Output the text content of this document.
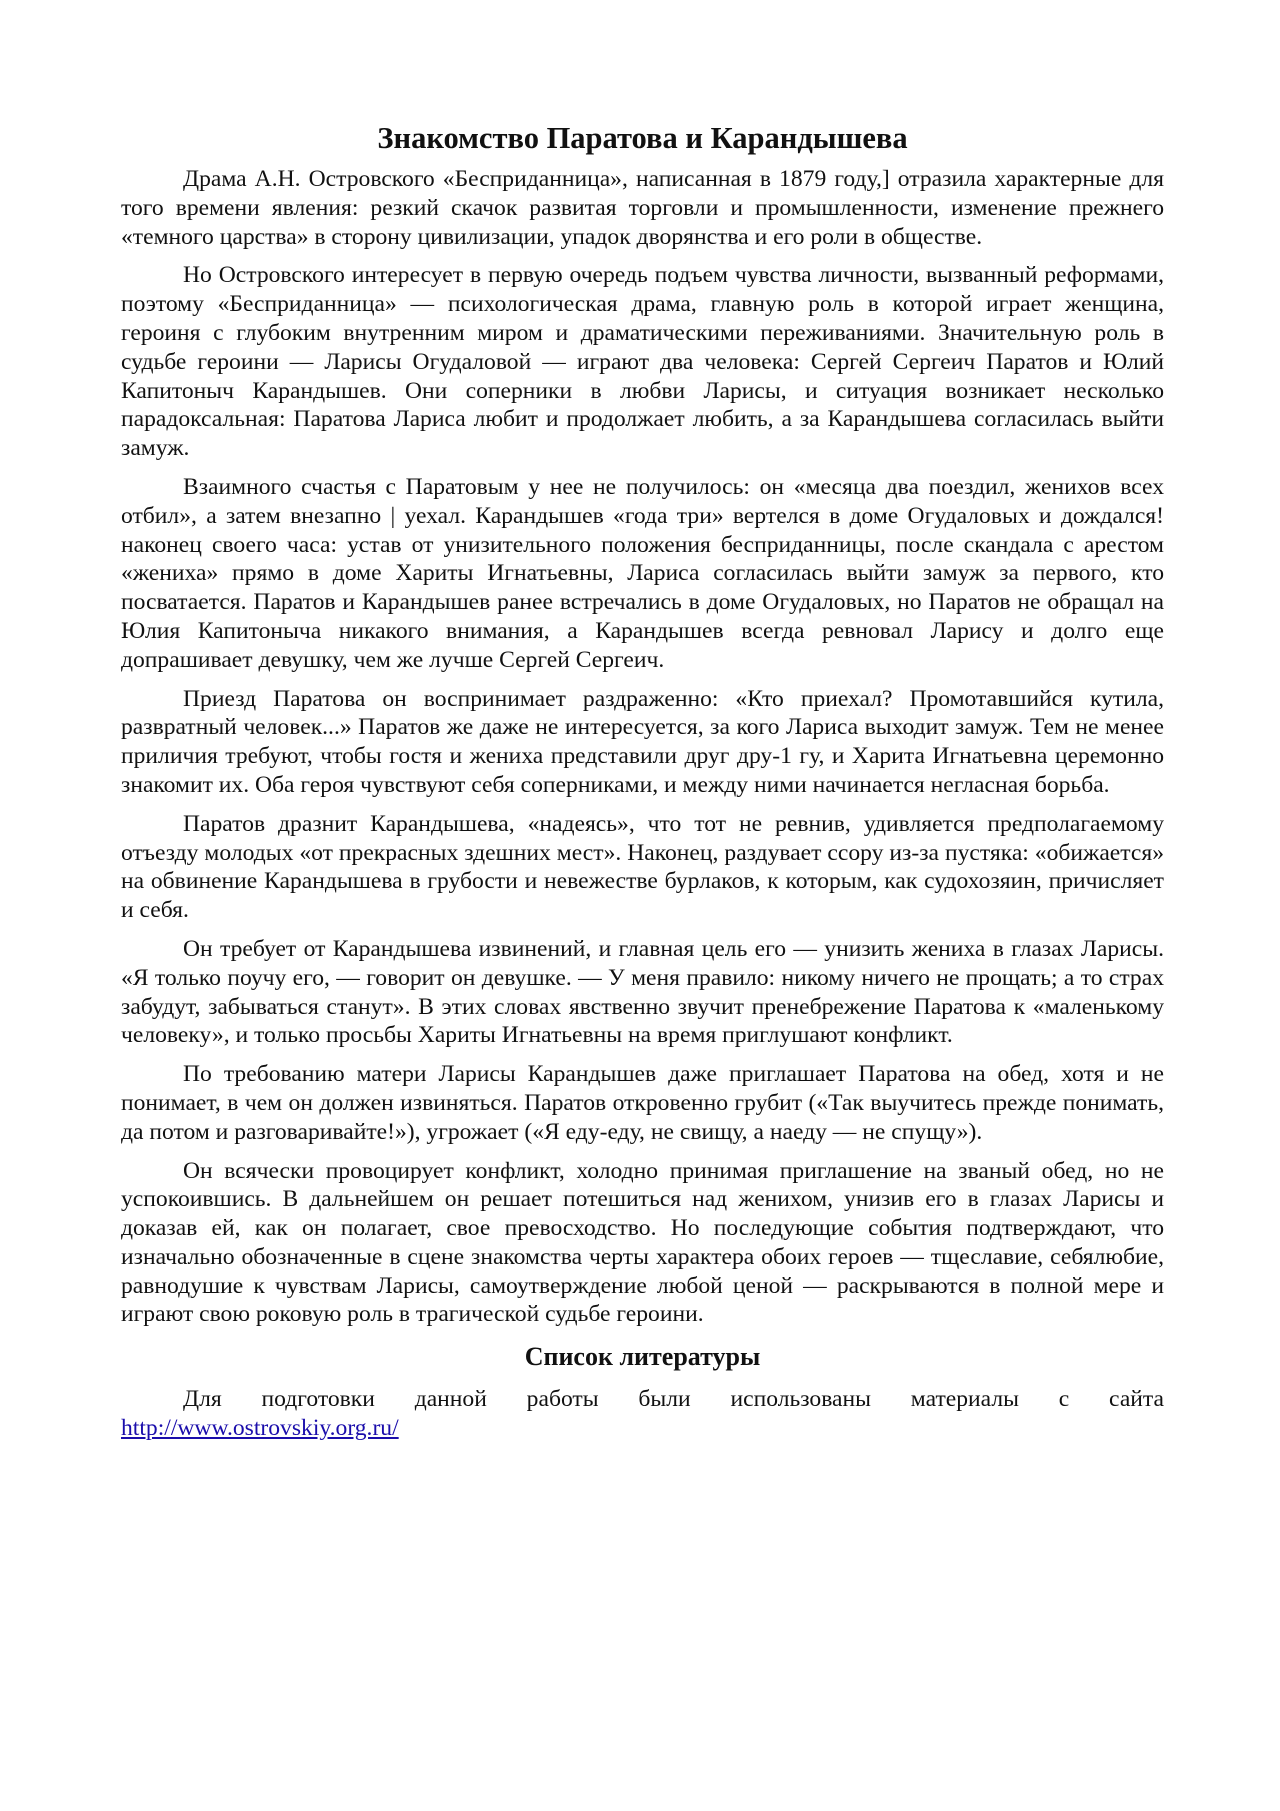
Знакомство Паратова и Карандышева

Драма А.Н. Островского «Бесприданница», написанная в 1879 году,] отразила характерные для того времени явления: резкий скачок развитая торговли и промышленности, изменение прежнего «темного царства» в сторону цивилизации, упадок дворянства и его роли в обществе.

Но Островского интересует в первую очередь подъем чувства личности, вызванный реформами, поэтому «Бесприданница» — психологическая драма, главную роль в которой играет женщина, героиня с глубоким внутренним миром и драматическими переживаниями. Значительную роль в судьбе героини — Ларисы Огудаловой — играют два человека: Сергей Сергеич Паратов и Юлий Капитоныч Карандышев. Они соперники в любви Ларисы, и ситуация возникает несколько парадоксальная: Паратова Лариса любит и продолжает любить, а за Карандышева согласилась выйти замуж.

Взаимного счастья с Паратовым у нее не получилось: он «месяца два поездил, женихов всех отбил», а затем внезапно | уехал. Карандышев «года три» вертелся в доме Огудаловых и дождался! наконец своего часа: устав от унизительного положения бесприданницы, после скандала с арестом «жениха» прямо в доме Хариты Игнатьевны, Лариса согласилась выйти замуж за первого, кто посватается. Паратов и Карандышев ранее встречались в доме Огудаловых, но Паратов не обращал на Юлия Капитоныча никакого внимания, а Карандышев всегда ревновал Ларису и долго еще допрашивает девушку, чем же лучше Сергей Сергеич.

Приезд Паратова он воспринимает раздраженно: «Кто приехал? Промотавшийся кутила, развратный человек...» Паратов же даже не интересуется, за кого Лариса выходит замуж. Тем не менее приличия требуют, чтобы гостя и жениха представили друг дру-1 гу, и Харита Игнатьевна церемонно знакомит их. Оба героя чувствуют себя соперниками, и между ними начинается негласная борьба.

Паратов дразнит Карандышева, «надеясь», что тот не ревнив, удивляется предполагаемому отъезду молодых «от прекрасных здешних мест». Наконец, раздувает ссору из-за пустяка: «обижается» на обвинение Карандышева в грубости и невежестве бурлаков, к которым, как судохозяин, причисляет и себя.

Он требует от Карандышева извинений, и главная цель его — унизить жениха в глазах Ларисы. «Я только поучу его, — говорит он девушке. — У меня правило: никому ничего не прощать; а то страх забудут, забываться станут». В этих словах явственно звучит пренебрежение Паратова к «маленькому человеку», и только просьбы Хариты Игнатьевны на время приглушают конфликт.

По требованию матери Ларисы Карандышев даже приглашает Паратова на обед, хотя и не понимает, в чем он должен извиняться. Паратов откровенно грубит («Так выучитесь прежде понимать, да потом и разговаривайте!»), угрожает («Я еду-еду, не свищу, а наеду — не спущу»).

Он всячески провоцирует конфликт, холодно принимая приглашение на званый обед, но не успокоившись. В дальнейшем он решает потешиться над женихом, унизив его в глазах Ларисы и доказав ей, как он полагает, свое превосходство. Но последующие события подтверждают, что изначально обозначенные в сцене знакомства черты характера обоих героев — тщеславие, себялюбие, равнодушие к чувствам Ларисы, самоутверждение любой ценой — раскрываются в полной мере и играют свою роковую роль в трагической судьбе героини.

Список литературы

Для подготовки данной работы были использованы материалы с сайта http://www.ostrovskiy.org.ru/
